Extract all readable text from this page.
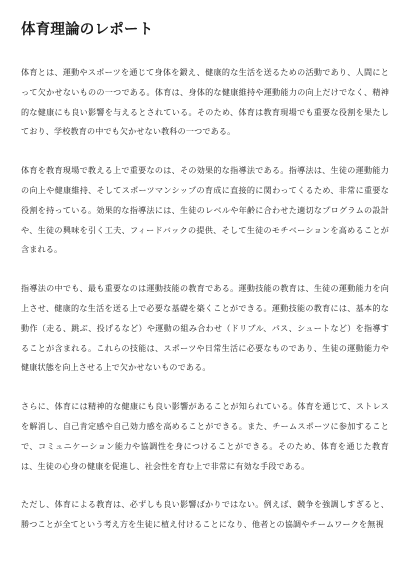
体育理論のレポート

体育とは、運動やスポーツを通じて身体を鍛え、健康的な生活を送るための活動であり、人間にとって欠かせないものの一つである。体育は、身体的な健康維持や運動能力の向上だけでなく、精神的な健康にも良い影響を与えるとされている。そのため、体育は教育現場でも重要な役割を果たしており、学校教育の中でも欠かせない教科の一つである。

体育を教育現場で教える上で重要なのは、その効果的な指導法である。指導法は、生徒の運動能力の向上や健康維持、そしてスポーツマンシップの育成に直接的に関わってくるため、非常に重要な役割を持っている。効果的な指導法には、生徒のレベルや年齢に合わせた適切なプログラムの設計や、生徒の興味を引く工夫、フィードバックの提供、そして生徒のモチベーションを高めることが含まれる。

指導法の中でも、最も重要なのは運動技能の教育である。運動技能の教育は、生徒の運動能力を向上させ、健康的な生活を送る上で必要な基礎を築くことができる。運動技能の教育には、基本的な動作（走る、跳ぶ、投げるなど）や運動の組み合わせ（ドリブル、パス、シュートなど）を指導することが含まれる。これらの技能は、スポーツや日常生活に必要なものであり、生徒の運動能力や健康状態を向上させる上で欠かせないものである。

さらに、体育には精神的な健康にも良い影響があることが知られている。体育を通じて、ストレスを解消し、自己肯定感や自己効力感を高めることができる。また、チームスポーツに参加することで、コミュニケーション能力や協調性を身につけることができる。そのため、体育を通じた教育は、生徒の心身の健康を促進し、社会性を育む上で非常に有効な手段である。

ただし、体育による教育は、必ずしも良い影響ばかりではない。例えば、競争を強調しすぎると、勝つことが全てという考え方を生徒に植え付けることになり、他者との協調やチームワークを無視
